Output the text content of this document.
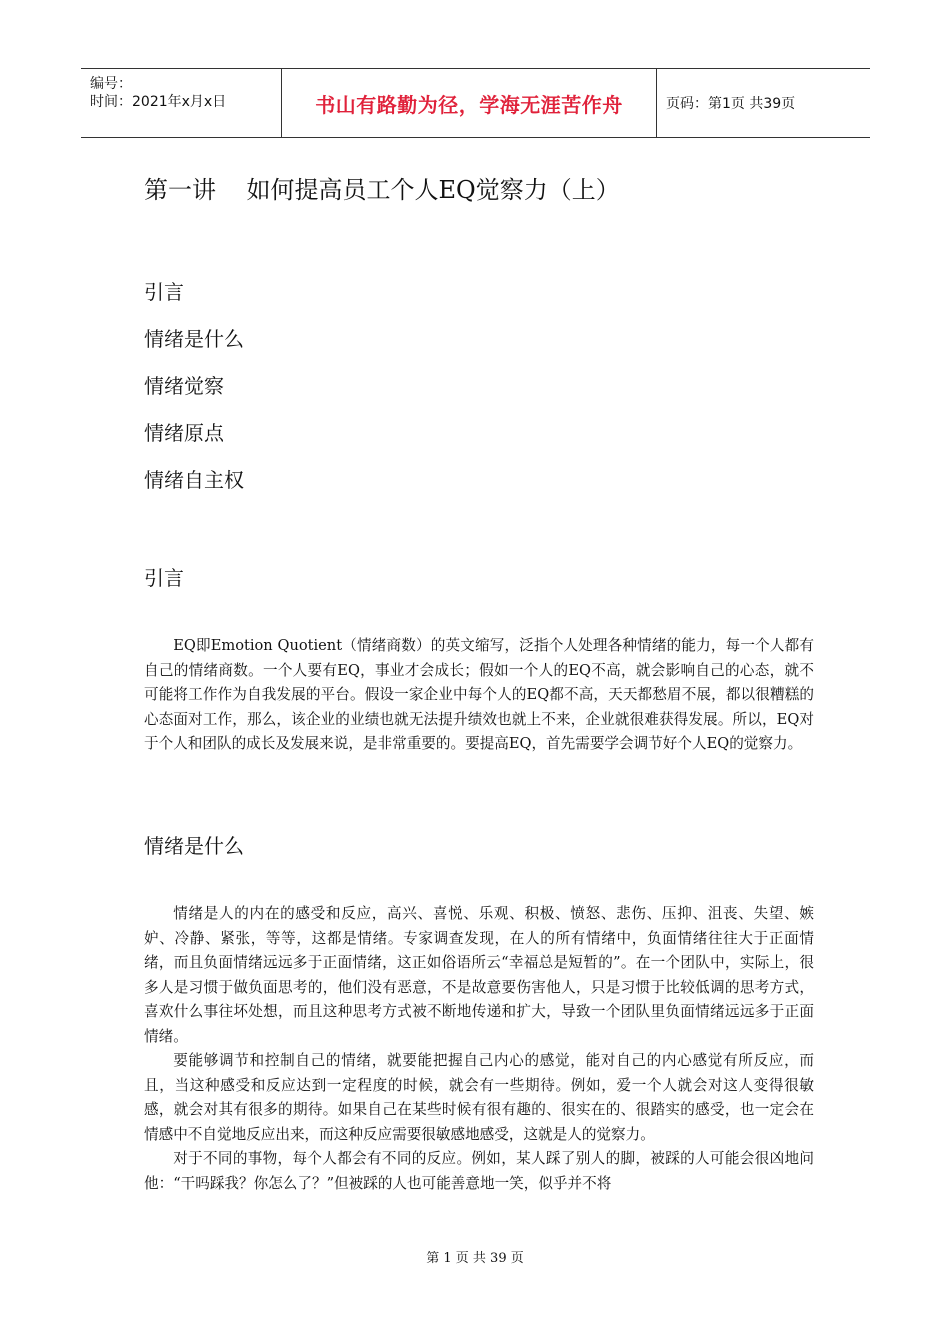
编号：
时间：2021年x月x日	书山有路勤为径，学海无涯苦作舟	页码：第1页 共39页
第一讲    如何提高员工个人EQ觉察力（上）
引言
情绪是什么
情绪觉察
情绪原点
情绪自主权
引言

EQ即Emotion Quotient（情绪商数）的英文缩写，泛指个人处理各种情绪的能力，每一个人都有自己的情绪商数。一个人要有EQ，事业才会成长；假如一个人的EQ不高，就会影响自己的心态，就不可能将工作作为自我发展的平台。假设一家企业中每个人的EQ都不高，天天都愁眉不展，都以很糟糕的心态面对工作，那么，该企业的业绩也就无法提升绩效也就上不来，企业就很难获得发展。所以，EQ对于个人和团队的成长及发展来说，是非常重要的。要提高EQ，首先需要学会调节好个人EQ的觉察力。

情绪是什么

情绪是人的内在的感受和反应，高兴、喜悦、乐观、积极、愤怒、悲伤、压抑、沮丧、失望、嫉妒、冷静、紧张，等等，这都是情绪。专家调查发现，在人的所有情绪中，负面情绪往往大于正面情绪，而且负面情绪远远多于正面情绪，这正如俗语所云“幸福总是短暂的”。在一个团队中，实际上，很多人是习惯于做负面思考的，他们没有恶意，不是故意要伤害他人，只是习惯于比较低调的思考方式，喜欢什么事往坏处想，而且这种思考方式被不断地传递和扩大，导致一个团队里负面情绪远远多于正面情绪。

要能够调节和控制自己的情绪，就要能把握自己内心的感觉，能对自己的内心感觉有所反应，而且，当这种感受和反应达到一定程度的时候，就会有一些期待。例如，爱一个人就会对这人变得很敏感，就会对其有很多的期待。如果自己在某些时候有很有趣的、很实在的、很踏实的感受，也一定会在情感中不自觉地反应出来，而这种反应需要很敏感地感受，这就是人的觉察力。

对于不同的事物，每个人都会有不同的反应。例如，某人踩了别人的脚，被踩的人可能会很凶地问他：“干吗踩我？你怎么了？”但被踩的人也可能善意地一笑，似乎并不将

第 1 页 共 39 页
